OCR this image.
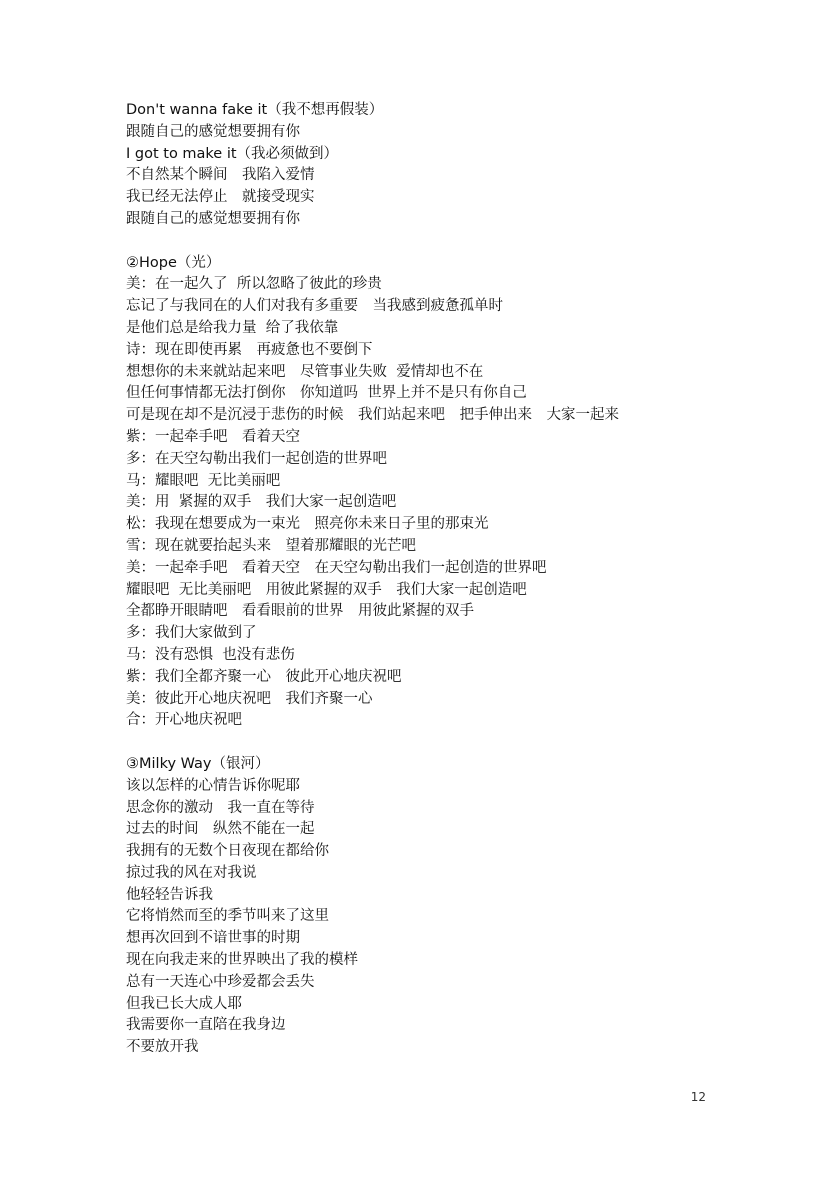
Don't wanna fake it（我不想再假装）
跟随自己的感觉想要拥有你
I got to make it（我必须做到）
不自然某个瞬间　我陷入爱情
我已经无法停止　就接受现实
跟随自己的感觉想要拥有你
②Hope（光）
美：在一起久了  所以忽略了彼此的珍贵
忘记了与我同在的人们对我有多重要　当我感到疲惫孤单时
是他们总是给我力量  给了我依靠
诗：现在即使再累　再疲惫也不要倒下
想想你的未来就站起来吧　尽管事业失败  爱情却也不在
但任何事情都无法打倒你　你知道吗  世界上并不是只有你自己
可是现在却不是沉浸于悲伤的时候　我们站起来吧　把手伸出来　大家一起来
紫：一起牵手吧　看着天空
多：在天空勾勒出我们一起创造的世界吧
马：耀眼吧  无比美丽吧
美：用  紧握的双手　我们大家一起创造吧
松：我现在想要成为一束光　照亮你未来日子里的那束光
雪：现在就要抬起头来　望着那耀眼的光芒吧
美：一起牵手吧　看着天空　在天空勾勒出我们一起创造的世界吧
耀眼吧  无比美丽吧　用彼此紧握的双手　我们大家一起创造吧
全都睁开眼睛吧　看看眼前的世界　用彼此紧握的双手
多：我们大家做到了
马：没有恐惧  也没有悲伤
紫：我们全都齐聚一心　彼此开心地庆祝吧
美：彼此开心地庆祝吧　我们齐聚一心
合：开心地庆祝吧
③Milky Way（银河）
该以怎样的心情告诉你呢耶
思念你的激动　我一直在等待
过去的时间　纵然不能在一起
我拥有的无数个日夜现在都给你
掠过我的风在对我说
他轻轻告诉我
它将悄然而至的季节叫来了这里
想再次回到不谙世事的时期
现在向我走来的世界映出了我的模样
总有一天连心中珍爱都会丢失
但我已长大成人耶
我需要你一直陪在我身边
不要放开我
12
